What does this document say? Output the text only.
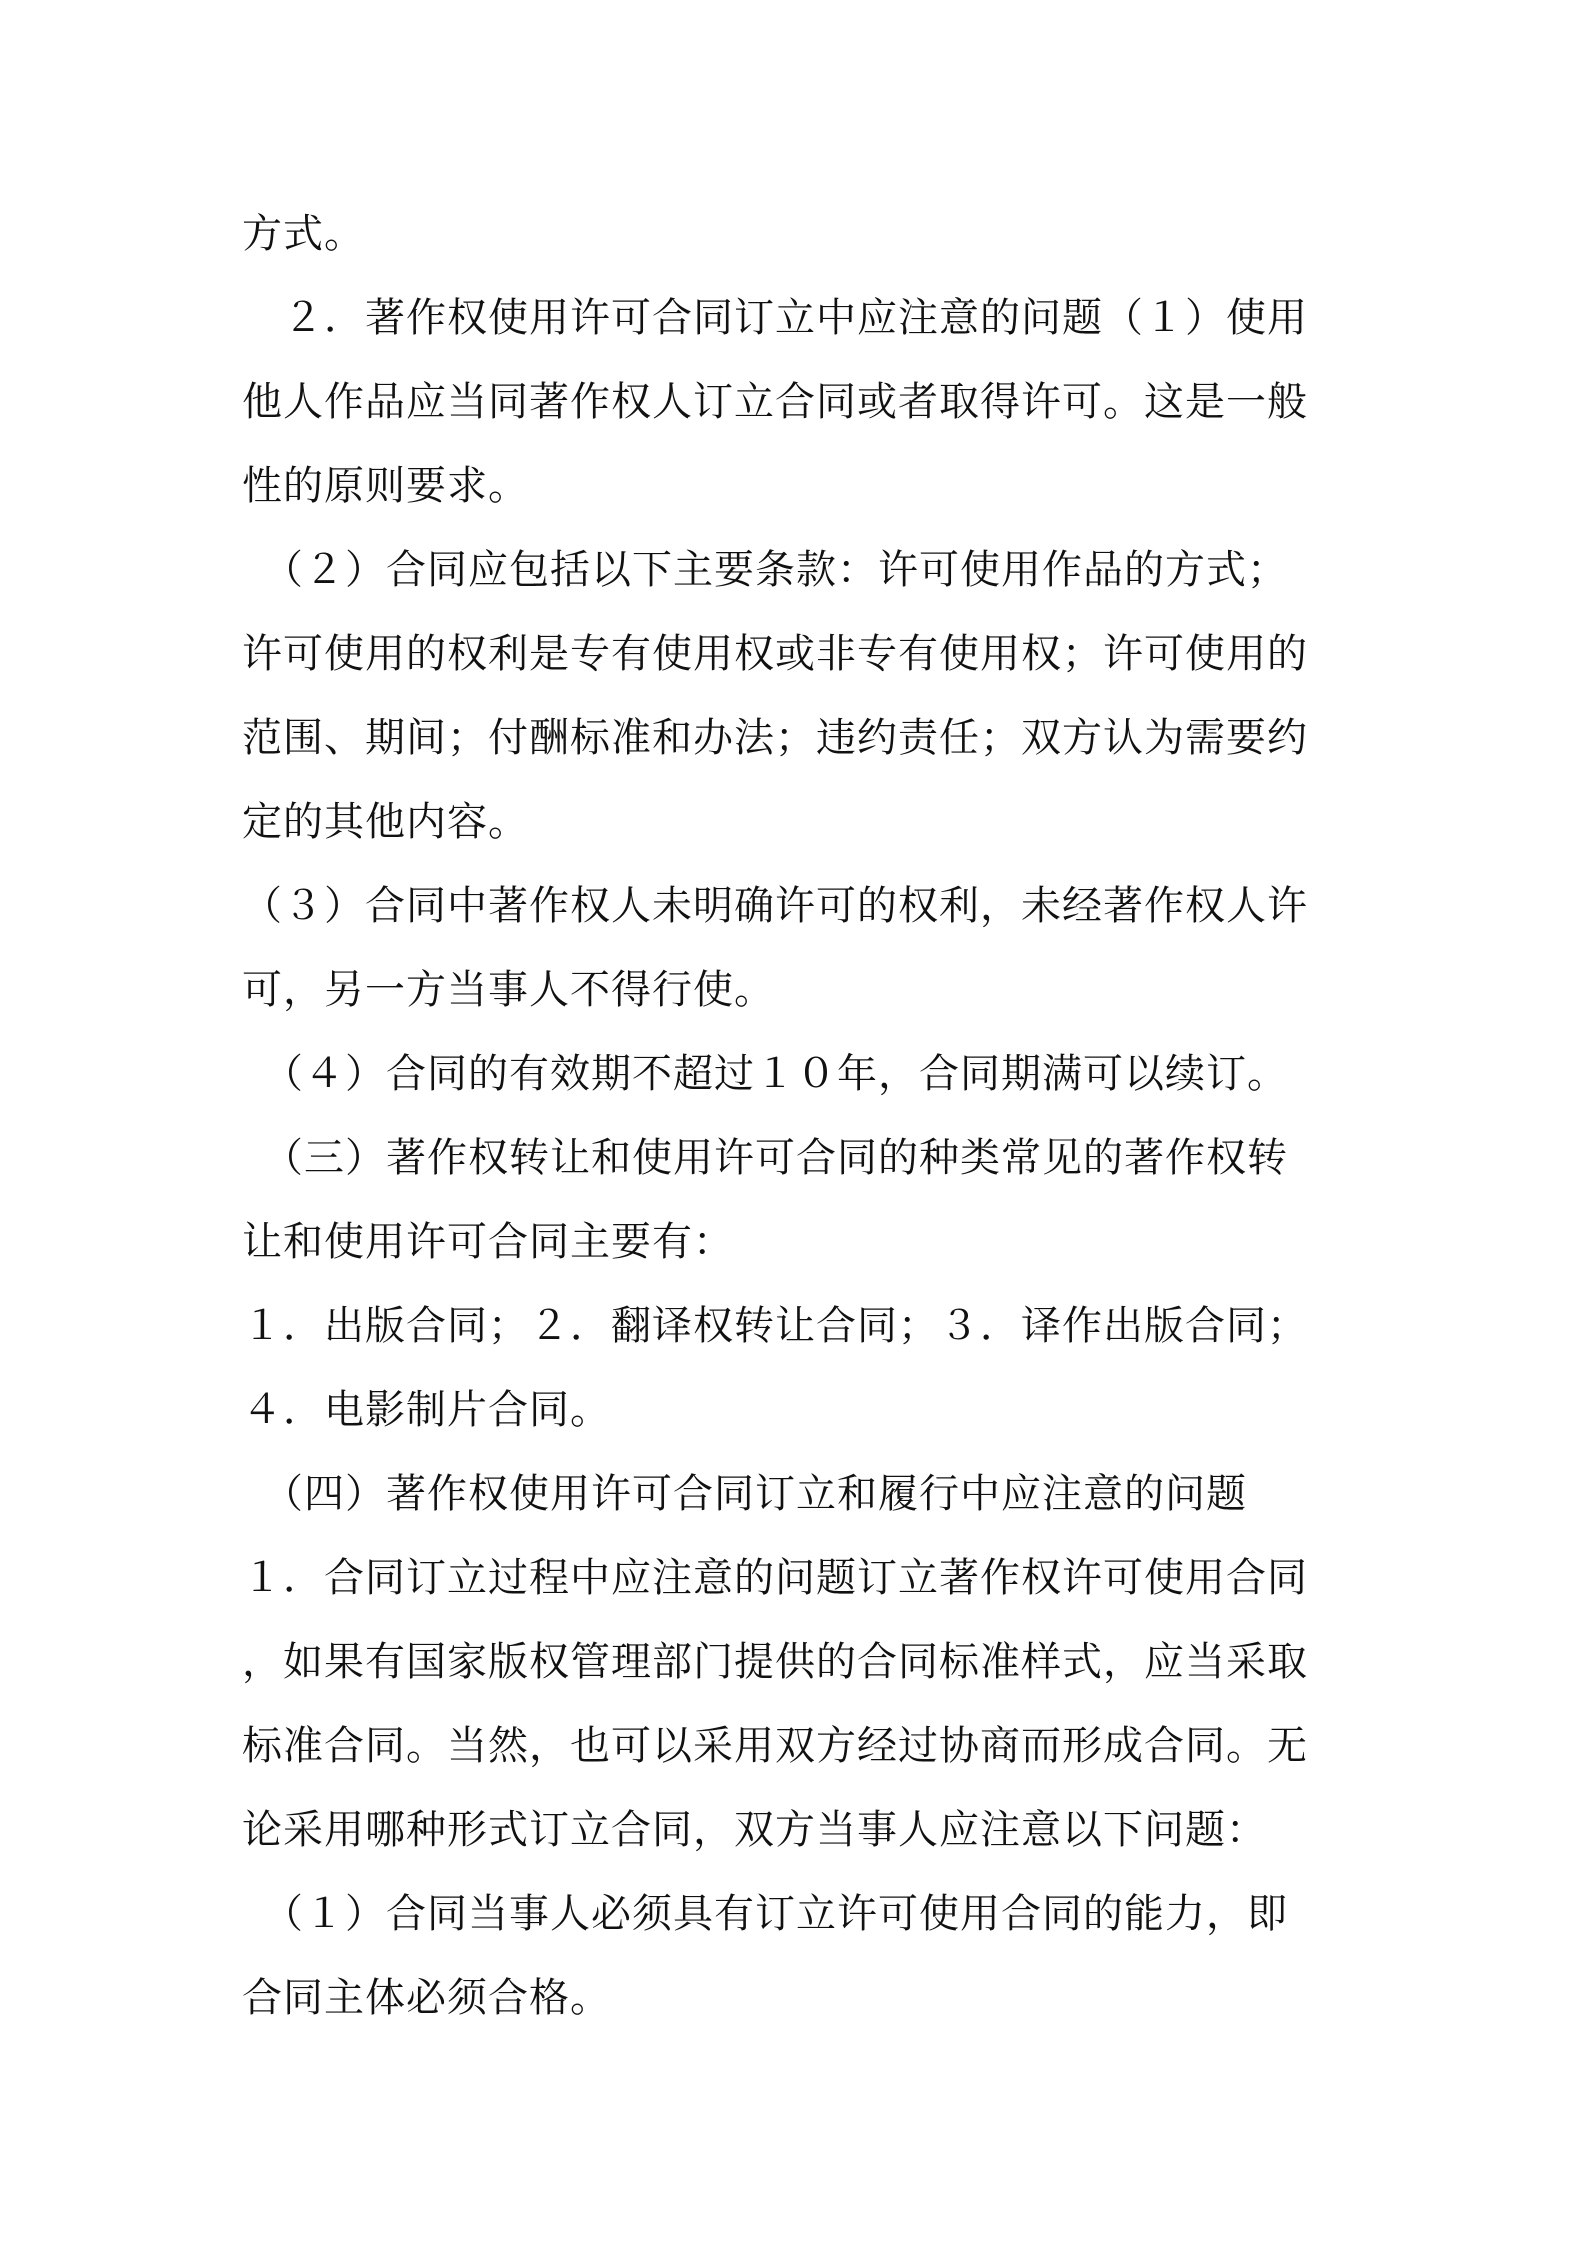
方式。
　２．著作权使用许可合同订立中应注意的问题（１）使用
他人作品应当同著作权人订立合同或者取得许可。这是一般
性的原则要求。
　（２）合同应包括以下主要条款：许可使用作品的方式；
许可使用的权利是专有使用权或非专有使用权；许可使用的
范围、期间；付酬标准和办法；违约责任；双方认为需要约
定的其他内容。
（３）合同中著作权人未明确许可的权利，未经著作权人许
可，另一方当事人不得行使。
　（４）合同的有效期不超过１０年，合同期满可以续订。
　（三）著作权转让和使用许可合同的种类常见的著作权转
让和使用许可合同主要有：
１．出版合同；２．翻译权转让合同；３．译作出版合同；
４．电影制片合同。
　（四）著作权使用许可合同订立和履行中应注意的问题
１．合同订立过程中应注意的问题订立著作权许可使用合同
，如果有国家版权管理部门提供的合同标准样式，应当采取
标准合同。当然，也可以采用双方经过协商而形成合同。无
论采用哪种形式订立合同，双方当事人应注意以下问题：
　（１）合同当事人必须具有订立许可使用合同的能力，即
合同主体必须合格。
